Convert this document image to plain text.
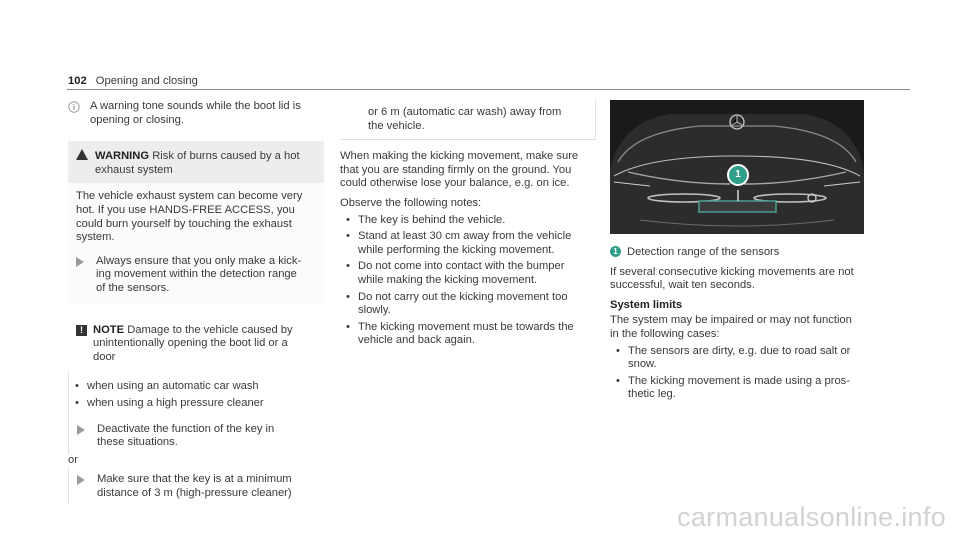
102 Opening and closing

A warning tone sounds while the boot lid is

opening or closing.

WARNING Risk of burns caused by a hot

exhaust system

The vehicle exhaust system can become very

hot. If you use HANDS-FREE ACCESS, you

could burn yourself by touching the exhaust

system.

Always ensure that you only make a kick-

ing movement within the detection range

of the sensors.

! NOTE Damage to the vehicle caused by

unintentionally opening the boot lid or a

door

• when using an automatic car wash
• when using a high pressure cleaner

Deactivate the function of the key in

these situations.

or

Make sure that the key is at a minimum

distance of 3 m (high-pressure cleaner)

or 6 m (automatic car wash) away from

the vehicle.

When making the kicking movement, make sure

that you are standing firmly on the ground. You

could otherwise lose your balance, e.g. on ice.

Observe the following notes:

• The key is behind the vehicle.
• Stand at least 30 cm away from the vehicle
while performing the kicking movement.
• Do not come into contact with the bumper
while making the kicking movement.
• Do not carry out the kicking movement too
slowly.
• The kicking movement must be towards the
vehicle and back again.
1

1 Detection range of the sensors

If several consecutive kicking movements are not

successful, wait ten seconds.

System limits

The system may be impaired or may not function

in the following cases:

• The sensors are dirty, e.g. due to road salt or
snow.
• The kicking movement is made using a pros-
thetic leg.
carmanualsonline.info
